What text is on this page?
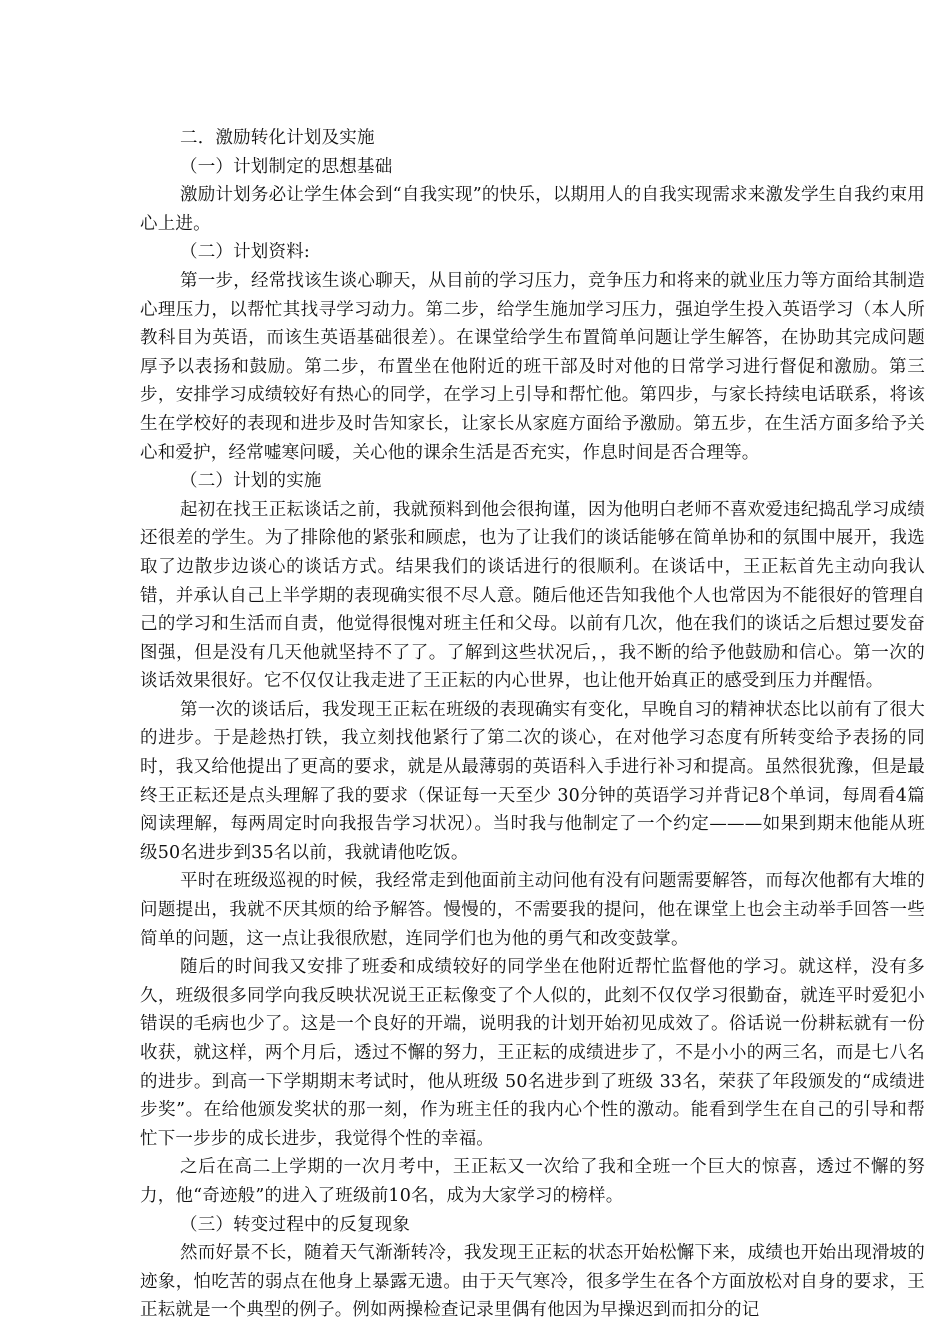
二．激励转化计划及实施

（一）计划制定的思想基础

激励计划务必让学生体会到“自我实现”的快乐，以期用人的自我实现需求来激发学生自我约束用心上进。

（二）计划资料:

第一步，经常找该生谈心聊天，从目前的学习压力，竞争压力和将来的就业压力等方面给其制造心理压力，以帮忙其找寻学习动力。第二步，给学生施加学习压力，强迫学生投入英语学习（本人所教科目为英语，而该生英语基础很差）。在课堂给学生布置简单问题让学生解答，在协助其完成问题厚予以表扬和鼓励。第二步，布置坐在他附近的班干部及时对他的日常学习进行督促和激励。第三步，安排学习成绩较好有热心的同学，在学习上引导和帮忙他。第四步，与家长持续电话联系，将该生在学校好的表现和进步及时告知家长，让家长从家庭方面给予激励。第五步，在生活方面多给予关心和爱护，经常嘘寒问暖，关心他的课余生活是否充实，作息时间是否合理等。

（二）计划的实施

起初在找王正耘谈话之前，我就预料到他会很拘谨，因为他明白老师不喜欢爱违纪捣乱学习成绩还很差的学生。为了排除他的紧张和顾虑，也为了让我们的谈话能够在简单协和的氛围中展开，我选取了边散步边谈心的谈话方式。结果我们的谈话进行的很顺利。在谈话中，王正耘首先主动向我认错，并承认自己上半学期的表现确实很不尽人意。随后他还告知我他个人也常因为不能很好的管理自己的学习和生活而自责，他觉得很愧对班主任和父母。以前有几次，他在我们的谈话之后想过要发奋图强，但是没有几天他就坚持不了了。了解到这些状况后，，我不断的给予他鼓励和信心。第一次的谈话效果很好。它不仅仅让我走进了王正耘的内心世界，也让他开始真正的感受到压力并醒悟。

第一次的谈话后，我发现王正耘在班级的表现确实有变化，早晚自习的精神状态比以前有了很大的进步。于是趁热打铁，我立刻找他紧行了第二次的谈心，在对他学习态度有所转变给予表扬的同时，我又给他提出了更高的要求，就是从最薄弱的英语科入手进行补习和提高。虽然很犹豫，但是最终王正耘还是点头理解了我的要求（保证每一天至少 30分钟的英语学习并背记8个单词，每周看4篇阅读理解，每两周定时向我报告学习状况）。当时我与他制定了一个约定———如果到期末他能从班级50名进步到35名以前，我就请他吃饭。

平时在班级巡视的时候，我经常走到他面前主动问他有没有问题需要解答，而每次他都有大堆的问题提出，我就不厌其烦的给予解答。慢慢的，不需要我的提问，他在课堂上也会主动举手回答一些简单的问题，这一点让我很欣慰，连同学们也为他的勇气和改变鼓掌。

随后的时间我又安排了班委和成绩较好的同学坐在他附近帮忙监督他的学习。就这样，没有多久，班级很多同学向我反映状况说王正耘像变了个人似的，此刻不仅仅学习很勤奋，就连平时爱犯小错误的毛病也少了。这是一个良好的开端，说明我的计划开始初见成效了。俗话说一份耕耘就有一份收获，就这样，两个月后，透过不懈的努力，王正耘的成绩进步了，不是小小的两三名，而是七八名的进步。到高一下学期期末考试时，他从班级 50名进步到了班级 33名，荣获了年段颁发的“成绩进步奖”。在给他颁发奖状的那一刻，作为班主任的我内心个性的激动。能看到学生在自己的引导和帮忙下一步步的成长进步，我觉得个性的幸福。

之后在高二上学期的一次月考中，王正耘又一次给了我和全班一个巨大的惊喜，透过不懈的努力，他“奇迹般”的进入了班级前10名，成为大家学习的榜样。

（三）转变过程中的反复现象

然而好景不长，随着天气渐渐转冷，我发现王正耘的状态开始松懈下来，成绩也开始出现滑坡的迹象，怕吃苦的弱点在他身上暴露无遗。由于天气寒冷，很多学生在各个方面放松对自身的要求，王正耘就是一个典型的例子。例如两操检查记录里偶有他因为早操迟到而扣分的记
